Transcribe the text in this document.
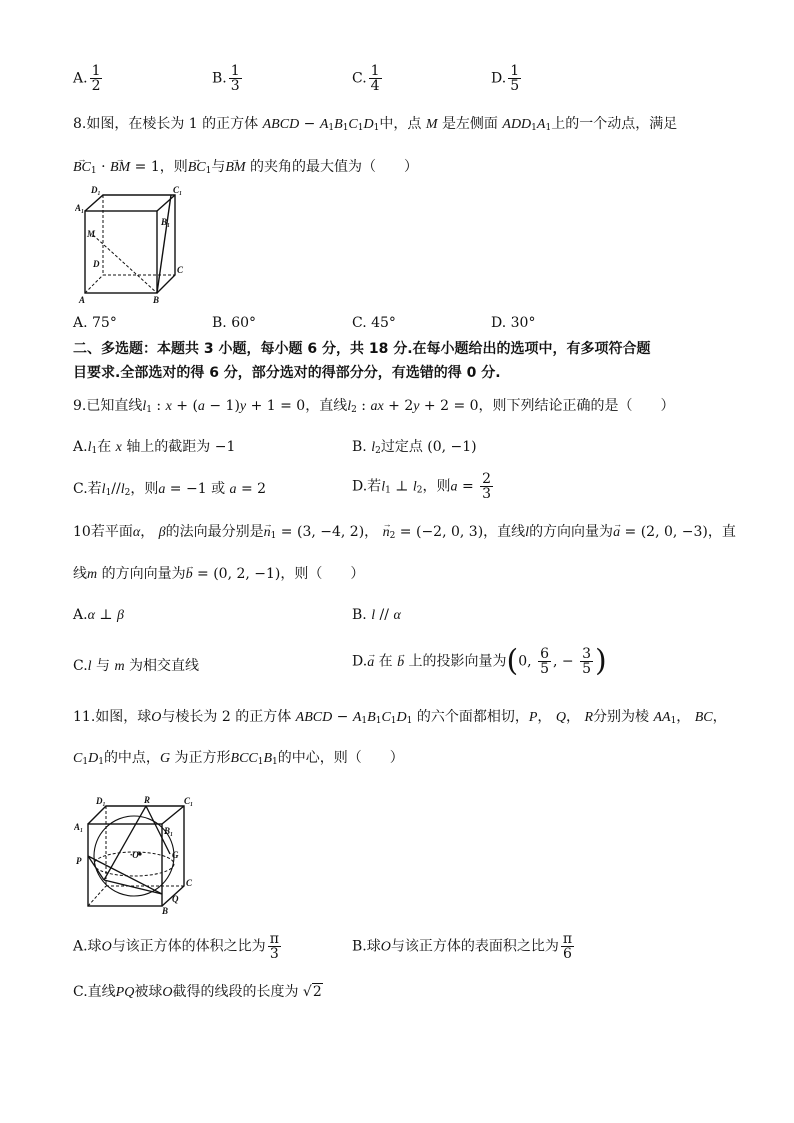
A. $\frac{1}{2}$	B. $\frac{1}{3}$	C. $\frac{1}{4}$	D. $\frac{1}{5}$
8.如图，在棱长为 1 的正方体 ABCD − $A_1B_1C_1D_1$中，点 M 是左侧面 $ADD_1A_1$上的一个动点，满足
→ $BC_1$ · → BM = 1，则→ $BC_1$与→ BM 的夹角的最大值为（　　）
D₁	C₁
A₁
B₁
M
D
C
A	B
A. 75°	B. 60°	C. 45°	D. 30°
二、多选题：本题共 3 小题，每小题 6 分，共 18 分.在每小题给出的选项中，有多项符合题
目要求.全部选对的得 6 分，部分选对的得部分分，有选错的得 0 分.
9.已知直线$l_1$ : x + (a − 1)y + 1 = 0，直线$l_2$ : ax + 2y + 2 = 0，则下列结论正确的是（　　）
$A.l_1$在 x 轴上的截距为 −1	B. $l_2$过定点 (0, −1)
C.若$l_1//l_2$，则a = −1 或 a = 2	D.若$l_1$ ⊥ $l_2$，则$a = \frac{2}{3}$
10若平面α， β的法向最分别是→ $n_1 = (3$, −4, 2)， → $n_2 = (-2$, 0, 3)，直线l的方向向量为→ a = (2, 0, −3)，直
线m 的方向向量为→ b = (0, 2, −1)，则（　　）
A.α ⊥ β	B. l // α
C.l 与 m 为相交直线	D.→ a 在 → b 上的投影向量为(0, $\frac{6}{5}$ , − $\frac{3}{5}$ )
11.如图，球O与棱长为 2 的正方体 ABCD − $A_1B_1C_1D_1$ 的六个面都相切，P， Q， R分别为棱 $AA_1$， BC，
$C_1D_1$的中点，G 为正方形$BCC_1B_1$的中心，则（　　）
D₁	R	C₁
A₁	B₁
·O	G
P
C
Q
B
A.球O与该正方体的体积之比为 $\frac{\pi}{3}$	B.球O与该正方体的表面积之比为 $\frac{\pi}{6}$
C.直线PQ被球O截得的线段的长度为 √2
